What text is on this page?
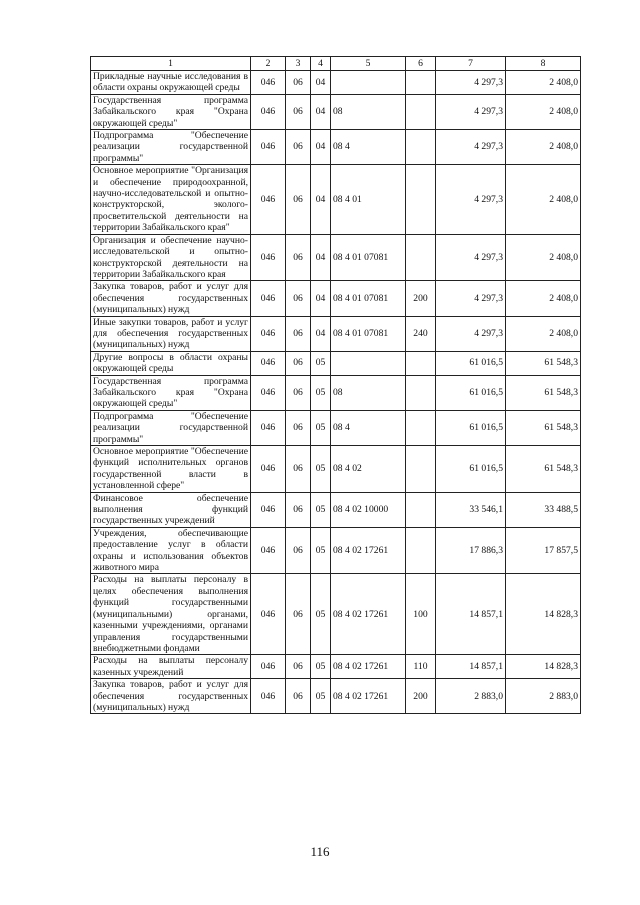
1	2	3	4	5	6	7	8
Прикладные научные исследования в области охраны окружающей среды	046	06	04			4 297,3	2 408,0
Государственная программа Забайкальского края "Охрана окружающей среды"	046	06	04	08		4 297,3	2 408,0
Подпрограмма "Обеспечение реализации государственной программы"	046	06	04	08 4		4 297,3	2 408,0
Основное мероприятие "Организация и обеспечение природоохранной, научно-исследовательской и опытно-конструкторской, эколого-просветительской деятельности на территории Забайкальского края"	046	06	04	08 4 01		4 297,3	2 408,0
Организация и обеспечение научно-исследовательской и опытно-конструкторской деятельности на территории Забайкальского края	046	06	04	08 4 01 07081		4 297,3	2 408,0
Закупка товаров, работ и услуг для обеспечения государственных (муниципальных) нужд	046	06	04	08 4 01 07081	200	4 297,3	2 408,0
Иные закупки товаров, работ и услуг для обеспечения государственных (муниципальных) нужд	046	06	04	08 4 01 07081	240	4 297,3	2 408,0
Другие вопросы в области охраны окружающей среды	046	06	05			61 016,5	61 548,3
Государственная программа Забайкальского края "Охрана окружающей среды"	046	06	05	08		61 016,5	61 548,3
Подпрограмма "Обеспечение реализации государственной программы"	046	06	05	08 4		61 016,5	61 548,3
Основное мероприятие "Обеспечение функций исполнительных органов государственной власти в установленной сфере"	046	06	05	08 4 02		61 016,5	61 548,3
Финансовое обеспечение выполнения функций государственных учреждений	046	06	05	08 4 02 10000		33 546,1	33 488,5
Учреждения, обеспечивающие предоставление услуг в области охраны и использования объектов животного мира	046	06	05	08 4 02 17261		17 886,3	17 857,5
Расходы на выплаты персоналу в целях обеспечения выполнения функций государственными (муниципальными) органами, казенными учреждениями, органами управления государственными внебюджетными фондами	046	06	05	08 4 02 17261	100	14 857,1	14 828,3
Расходы на выплаты персоналу казенных учреждений	046	06	05	08 4 02 17261	110	14 857,1	14 828,3
Закупка товаров, работ и услуг для обеспечения государственных (муниципальных) нужд	046	06	05	08 4 02 17261	200	2 883,0	2 883,0
116
